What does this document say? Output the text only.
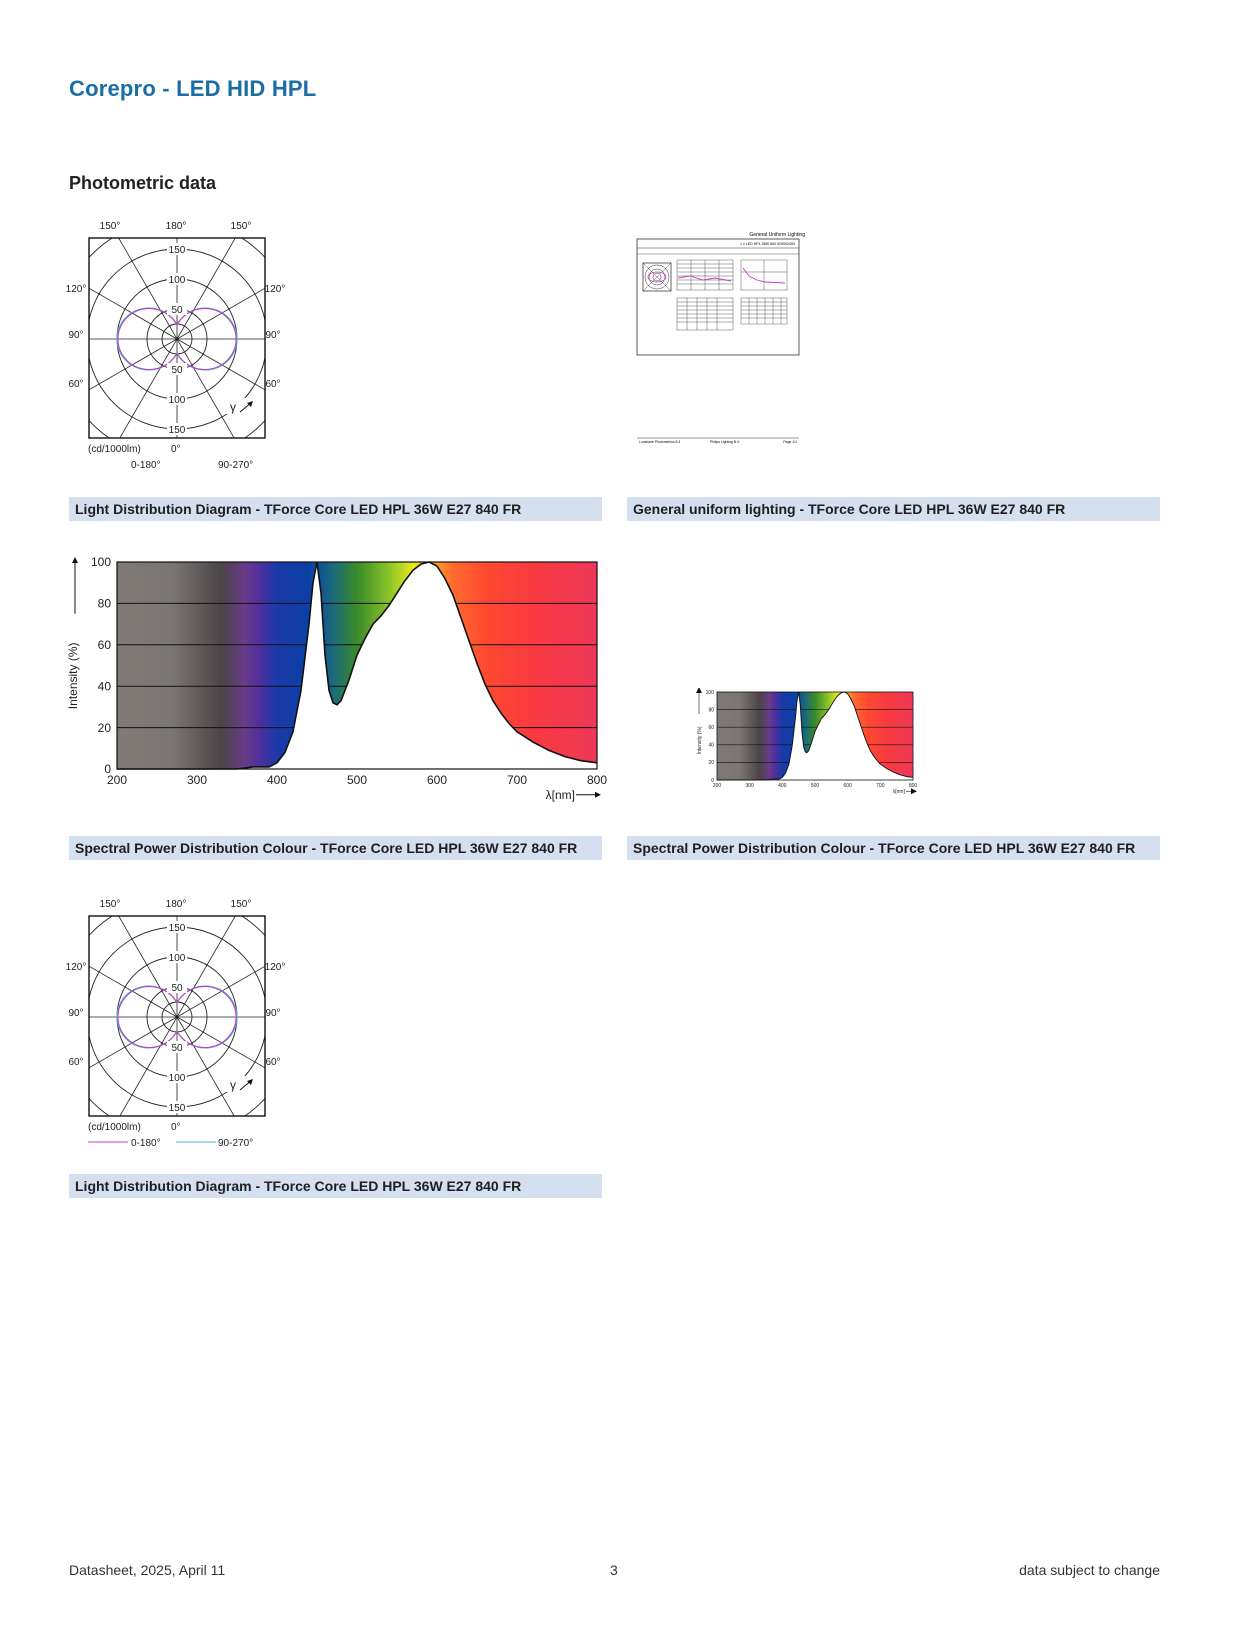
Corepro - LED HID HPL
Photometric data
150
100
50
50
100
150
150°	180°	150°
120°
90°
60°
120°
90°
60°
γ
(cd/1000lm)	0°
0-180°	90-270°
General Uniform Lighting
1 x LED HPL 36W 840 929002493
Luminaire Photometrics 8.4	Philips Lighting B.V.	Page 1/1
Light Distribution Diagram - TForce Core LED HPL 36W E27 840 FR	General uniform lighting - TForce Core LED HPL 36W E27 840 FR
0
20
40
60
80
100
200	300	400	500	600	700	800
Intensity (%)
λ[nm]
0
20
40
60
80
100
200	300	400	500	600	700	800
Intensity (%)
λ[nm]
Spectral Power Distribution Colour - TForce Core LED HPL 36W E27 840 FR	Spectral Power Distribution Colour - TForce Core LED HPL 36W E27 840 FR
150
100
50
50
100
150
150°	180°	150°
120°
90°
60°
120°
90°
60°
γ
(cd/1000lm)	0°
0-180°	90-270°
Light Distribution Diagram - TForce Core LED HPL 36W E27 840 FR
Datasheet, 2025, April 11	3	data subject to change
